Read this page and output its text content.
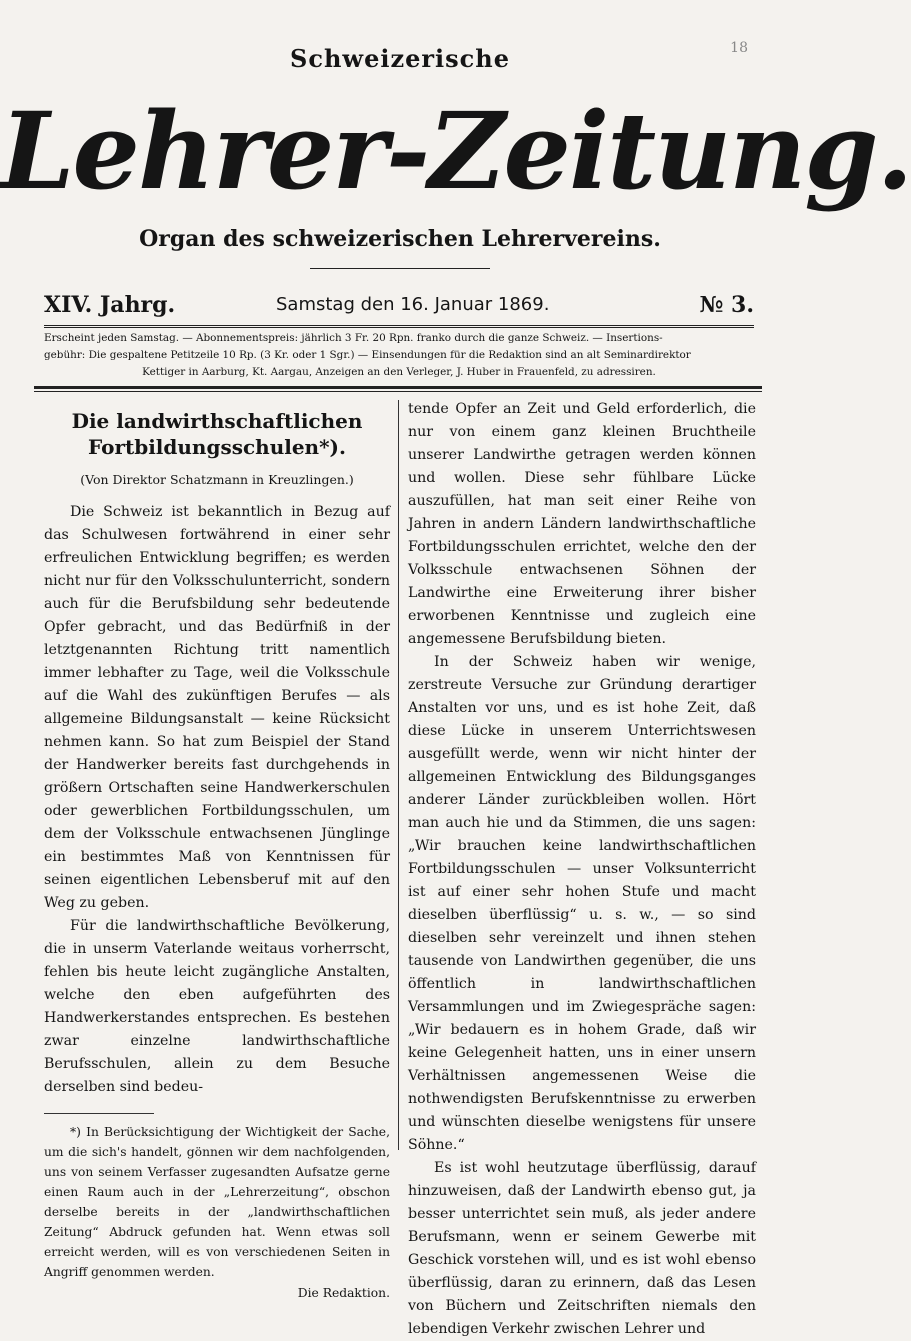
18
Schweizerische
Lehrer-Zeitung.
Organ des schweizerischen Lehrervereins.
XIV. Jahrg.	Samstag den 16. Januar 1869.	№ 3.

Erscheint jeden Samstag. — Abonnementspreis: jährlich 3 Fr. 20 Rpn. franko durch die ganze Schweiz. — Insertions-

gebühr: Die gespaltene Petitzeile 10 Rp. (3 Kr. oder 1 Sgr.) — Einsendungen für die Redaktion sind an alt Seminardirektor

Kettiger in Aarburg, Kt. Aargau, Anzeigen an den Verleger, J. Huber in Frauenfeld, zu adressiren.

Die landwirthschaftlichen Fortbildungsschulen*).

(Von Direktor Schatzmann in Kreuzlingen.)

Die Schweiz ist bekanntlich in Bezug auf das Schulwesen fortwährend in einer sehr erfreulichen Entwicklung begriffen; es werden nicht nur für den Volksschulunterricht, sondern auch für die Berufsbildung sehr bedeutende Opfer gebracht, und das Bedürfniß in der letztgenannten Richtung tritt namentlich immer lebhafter zu Tage, weil die Volksschule auf die Wahl des zukünftigen Berufes — als allgemeine Bildungsanstalt — keine Rücksicht nehmen kann. So hat zum Beispiel der Stand der Handwerker bereits fast durchgehends in größern Ortschaften seine Handwerkerschulen oder gewerblichen Fortbildungsschulen, um dem der Volksschule entwachsenen Jünglinge ein bestimmtes Maß von Kenntnissen für seinen eigentlichen Lebensberuf mit auf den Weg zu geben.

Für die landwirthschaftliche Bevölkerung, die in unserm Vaterlande weitaus vorherrscht, fehlen bis heute leicht zugängliche Anstalten, welche den eben aufgeführten des Handwerkerstandes entsprechen. Es bestehen zwar einzelne landwirthschaftliche Berufsschulen, allein zu dem Besuche derselben sind bedeu-

*) In Berücksichtigung der Wichtigkeit der Sache, um die sich's handelt, gönnen wir dem nachfolgenden, uns von seinem Verfasser zugesandten Aufsatze gerne einen Raum auch in der „Lehrerzeitung“, obschon derselbe bereits in der „landwirthschaftlichen Zeitung“ Abdruck gefunden hat. Wenn etwas soll erreicht werden, will es von verschiedenen Seiten in Angriff genommen werden.

Die Redaktion.

tende Opfer an Zeit und Geld erforderlich, die nur von einem ganz kleinen Bruchtheile unserer Landwirthe getragen werden können und wollen. Diese sehr fühlbare Lücke auszufüllen, hat man seit einer Reihe von Jahren in andern Ländern landwirthschaftliche Fortbildungsschulen errichtet, welche den der Volksschule entwachsenen Söhnen der Landwirthe eine Erweiterung ihrer bisher erworbenen Kenntnisse und zugleich eine angemessene Berufsbildung bieten.

In der Schweiz haben wir wenige, zerstreute Versuche zur Gründung derartiger Anstalten vor uns, und es ist hohe Zeit, daß diese Lücke in unserem Unterrichtswesen ausgefüllt werde, wenn wir nicht hinter der allgemeinen Entwicklung des Bildungsganges anderer Länder zurückbleiben wollen. Hört man auch hie und da Stimmen, die uns sagen: „Wir brauchen keine landwirthschaftlichen Fortbildungsschulen — unser Volksunterricht ist auf einer sehr hohen Stufe und macht dieselben überflüssig“ u. s. w., — so sind dieselben sehr vereinzelt und ihnen stehen tausende von Landwirthen gegenüber, die uns öffentlich in landwirthschaftlichen Versammlungen und im Zwiegespräche sagen: „Wir bedauern es in hohem Grade, daß wir keine Gelegenheit hatten, uns in einer unsern Verhältnissen angemessenen Weise die nothwendigsten Berufskenntnisse zu erwerben und wünschten dieselbe wenigstens für unsere Söhne.“

Es ist wohl heutzutage überflüssig, darauf hinzuweisen, daß der Landwirth ebenso gut, ja besser unterrichtet sein muß, als jeder andere Berufsmann, wenn er seinem Gewerbe mit Geschick vorstehen will, und es ist wohl ebenso überflüssig, daran zu erinnern, daß das Lesen von Büchern und Zeitschriften niemals den lebendigen Verkehr zwischen Lehrer und
